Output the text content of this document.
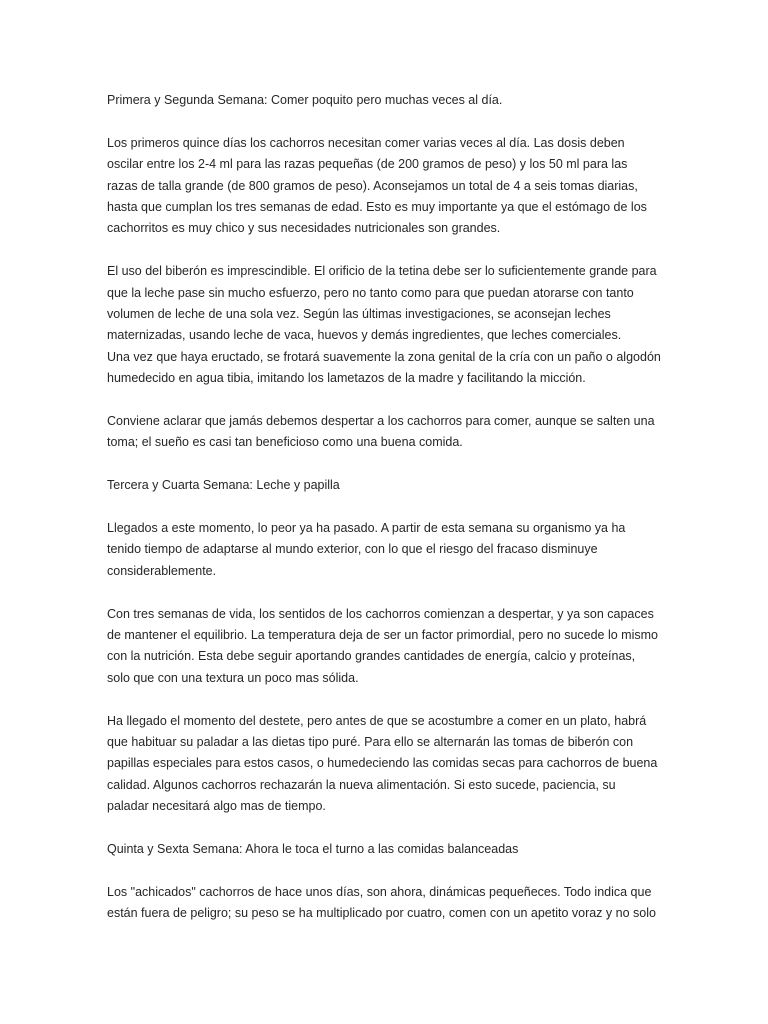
Primera y Segunda Semana: Comer poquito pero muchas veces al día.
Los primeros quince días los cachorros necesitan comer varias veces al día. Las dosis deben
oscilar entre los 2-4 ml para las razas pequeñas (de 200 gramos de peso) y los 50 ml para las
razas de talla grande (de 800 gramos de peso). Aconsejamos un total de 4 a seis tomas diarias,
hasta que cumplan los tres semanas de edad. Esto es muy importante ya que el estómago de los
cachorritos es muy chico y sus necesidades nutricionales son grandes.
El uso del biberón es imprescindible. El orificio de la tetina debe ser lo suficientemente grande para
que la leche pase sin mucho esfuerzo, pero no tanto como para que puedan atorarse con tanto
volumen de leche de una sola vez. Según las últimas investigaciones, se aconsejan leches
maternizadas, usando leche de vaca, huevos y demás ingredientes, que leches comerciales.
Una vez que haya eructado, se frotará suavemente la zona genital de la cría con un paño o algodón
humedecido en agua tibia, imitando los lametazos de la madre y facilitando la micción.
Conviene aclarar que jamás debemos despertar a los cachorros para comer, aunque se salten una
toma; el sueño es casi tan beneficioso como una buena comida.
Tercera y Cuarta Semana: Leche y papilla
Llegados a este momento, lo peor ya ha pasado. A partir de esta semana su organismo ya ha
tenido tiempo de adaptarse al mundo exterior, con lo que el riesgo del fracaso disminuye
considerablemente.
Con tres semanas de vida, los sentidos de los cachorros comienzan a despertar, y ya son capaces
de mantener el equilibrio. La temperatura deja de ser un factor primordial, pero no sucede lo mismo
con la nutrición. Esta debe seguir aportando grandes cantidades de energía, calcio y proteínas,
solo que con una textura un poco mas sólida.
Ha llegado el momento del destete, pero antes de que se acostumbre a comer en un plato, habrá
que habituar su paladar a las dietas tipo puré. Para ello se alternarán las tomas de biberón con
papillas especiales para estos casos, o humedeciendo las comidas secas para cachorros de buena
calidad. Algunos cachorros rechazarán la nueva alimentación. Si esto sucede, paciencia, su
paladar necesitará algo mas de tiempo.
Quinta y Sexta Semana: Ahora le toca el turno a las comidas balanceadas
Los "achicados" cachorros de hace unos días, son ahora, dinámicas pequeñeces. Todo indica que
están fuera de peligro; su peso se ha multiplicado por cuatro, comen con un apetito voraz y no solo
